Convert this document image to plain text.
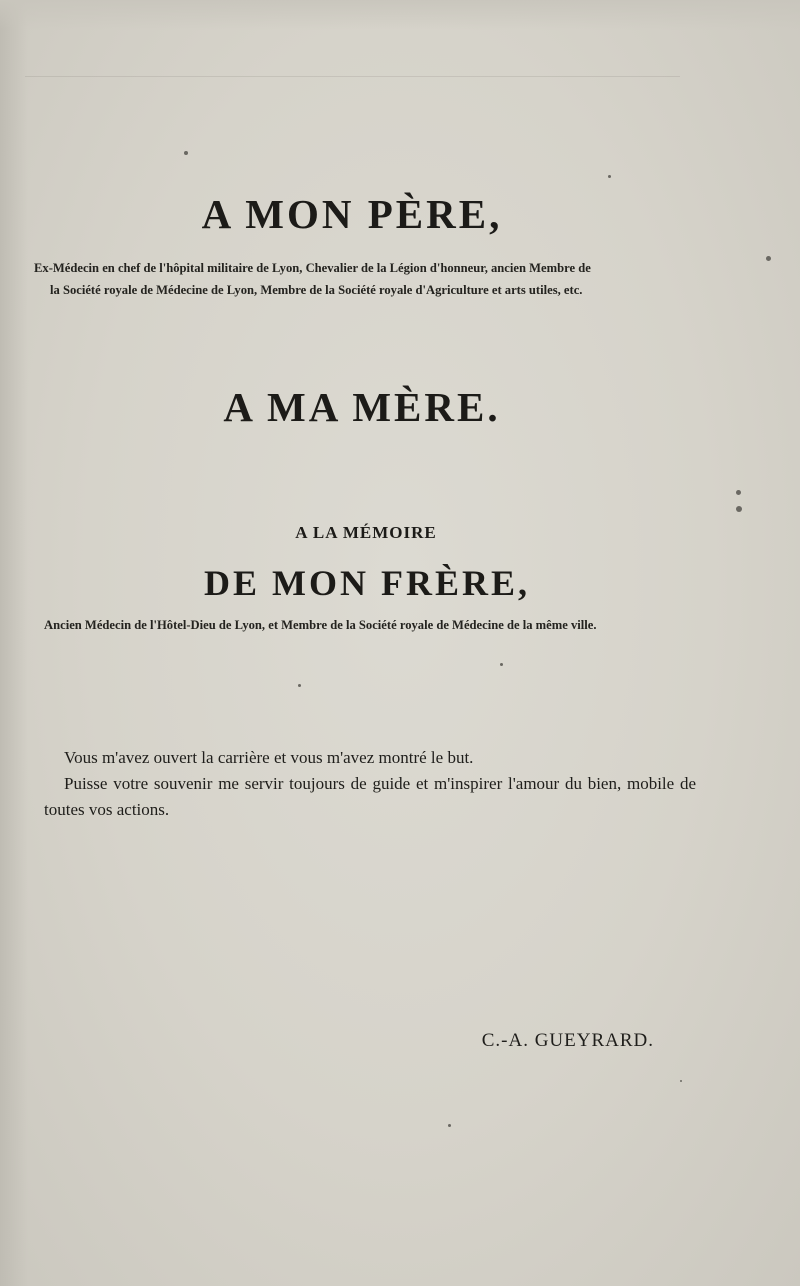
A MON PÈRE,

Ex-Médecin en chef de l'hôpital militaire de Lyon, Chevalier de la Légion d'honneur, ancien Membre de
la Société royale de Médecine de Lyon, Membre de la Société royale d'Agriculture et arts utiles, etc.

A MA MÈRE.
A LA MÉMOIRE
DE MON FRÈRE,

Ancien Médecin de l'Hôtel-Dieu de Lyon, et Membre de la Société royale de Médecine de la même ville.

Vous m'avez ouvert la carrière et vous m'avez montré le but.

Puisse votre souvenir me servir toujours de guide et m'inspirer l'amour du bien, mobile de toutes vos actions.

C.-A. GUEYRARD.
